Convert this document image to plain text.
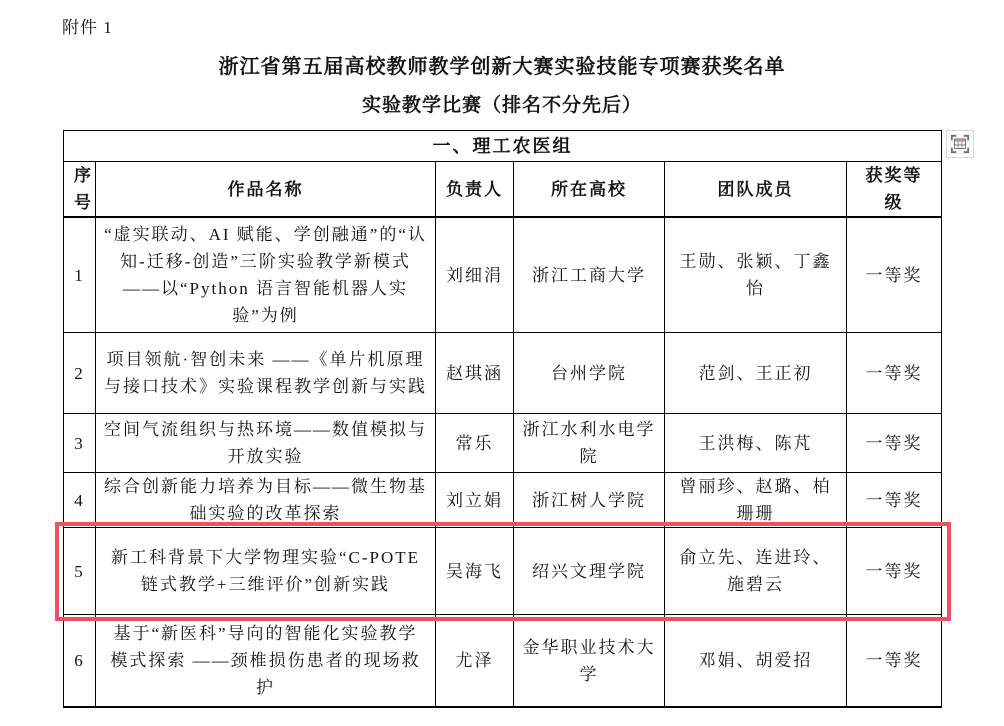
附件 1
浙江省第五届高校教师教学创新大赛实验技能专项赛获奖名单
实验教学比赛（排名不分先后）
一、理工农医组					
序号	作品名称	负责人	所在高校	团队成员	获奖等级
1	“虚实联动、AI 赋能、学创融通”的“认知-迁移-创造”三阶实验教学新模式——以“Python 语言智能机器人实验”为例	刘细涓	浙江工商大学	王勋、张颖、丁鑫怡	一等奖
2	项目领航·智创未来 ——《单片机原理与接口技术》实验课程教学创新与实践	赵琪涵	台州学院	范剑、王正初	一等奖
3	空间气流组织与热环境——数值模拟与开放实验	常乐	浙江水利水电学院	王洪梅、陈芃	一等奖
4	综合创新能力培养为目标——微生物基础实验的改革探索	刘立娟	浙江树人学院	曾丽珍、赵璐、柏珊珊	一等奖
5	新工科背景下大学物理实验“C-POTE 链式教学+三维评价”创新实践	吴海飞	绍兴文理学院	俞立先、连进玲、施碧云	一等奖
6	基于“新医科”导向的智能化实验教学模式探索 ——颈椎损伤患者的现场救护	尤泽	金华职业技术大学	邓娟、胡爱招	一等奖
